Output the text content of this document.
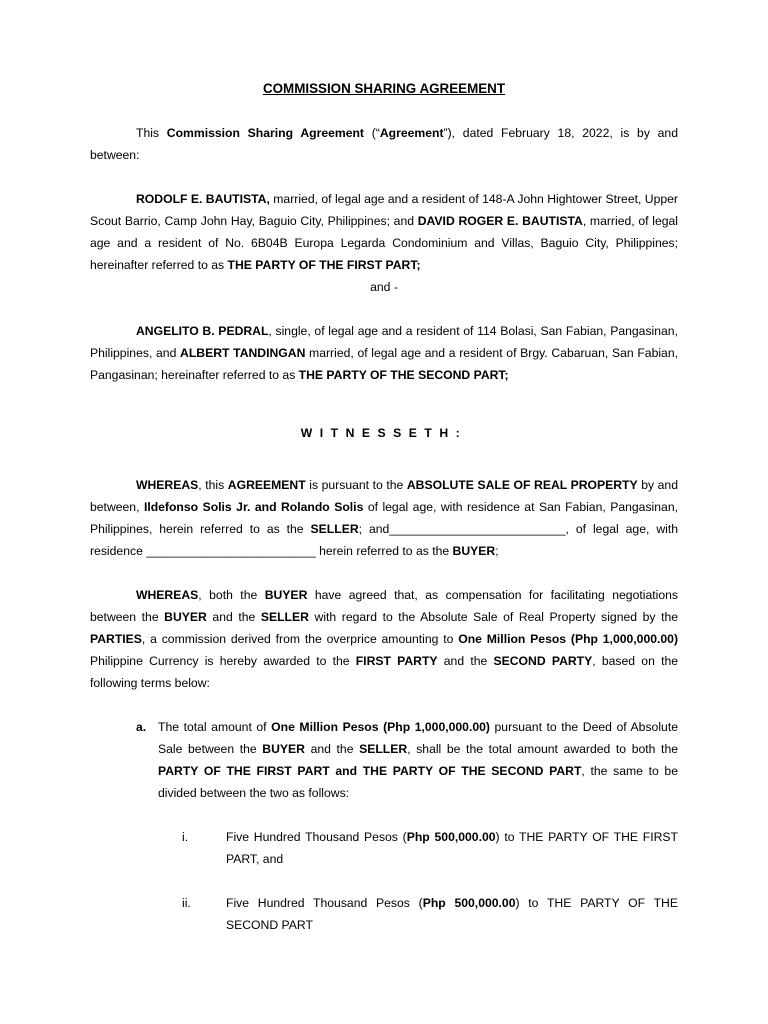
COMMISSION SHARING AGREEMENT
This Commission Sharing Agreement (“Agreement”), dated February 18, 2022, is by and between:
RODOLF E. BAUTISTA, married, of legal age and a resident of 148-A John Hightower Street, Upper Scout Barrio, Camp John Hay, Baguio City, Philippines; and DAVID ROGER E. BAUTISTA, married, of legal age and a resident of No. 6B04B Europa Legarda Condominium and Villas, Baguio City, Philippines; hereinafter referred to as THE PARTY OF THE FIRST PART;
and -
ANGELITO B. PEDRAL, single, of legal age and a resident of 114 Bolasi, San Fabian, Pangasinan, Philippines, and ALBERT TANDINGAN married, of legal age and a resident of Brgy. Cabaruan, San Fabian, Pangasinan; hereinafter referred to as THE PARTY OF THE SECOND PART;
WITNESSETH:
WHEREAS, this AGREEMENT is pursuant to the ABSOLUTE SALE OF REAL PROPERTY by and between, Ildefonso Solis Jr. and Rolando Solis of legal age, with residence at San Fabian, Pangasinan, Philippines, herein referred to as the SELLER; and__________________________, of legal age, with residence _________________________ herein referred to as the BUYER;
WHEREAS, both the BUYER have agreed that, as compensation for facilitating negotiations between the BUYER and the SELLER with regard to the Absolute Sale of Real Property signed by the PARTIES, a commission derived from the overprice amounting to One Million Pesos (Php 1,000,000.00) Philippine Currency is hereby awarded to the FIRST PARTY and the SECOND PARTY, based on the following terms below:
a. The total amount of One Million Pesos (Php 1,000,000.00) pursuant to the Deed of Absolute Sale between the BUYER and the SELLER, shall be the total amount awarded to both the PARTY OF THE FIRST PART and THE PARTY OF THE SECOND PART, the same to be divided between the two as follows:
i.	Five Hundred Thousand Pesos (Php 500,000.00) to THE PARTY OF THE FIRST PART, and
ii.	Five Hundred Thousand Pesos (Php 500,000.00) to THE PARTY OF THE SECOND PART
